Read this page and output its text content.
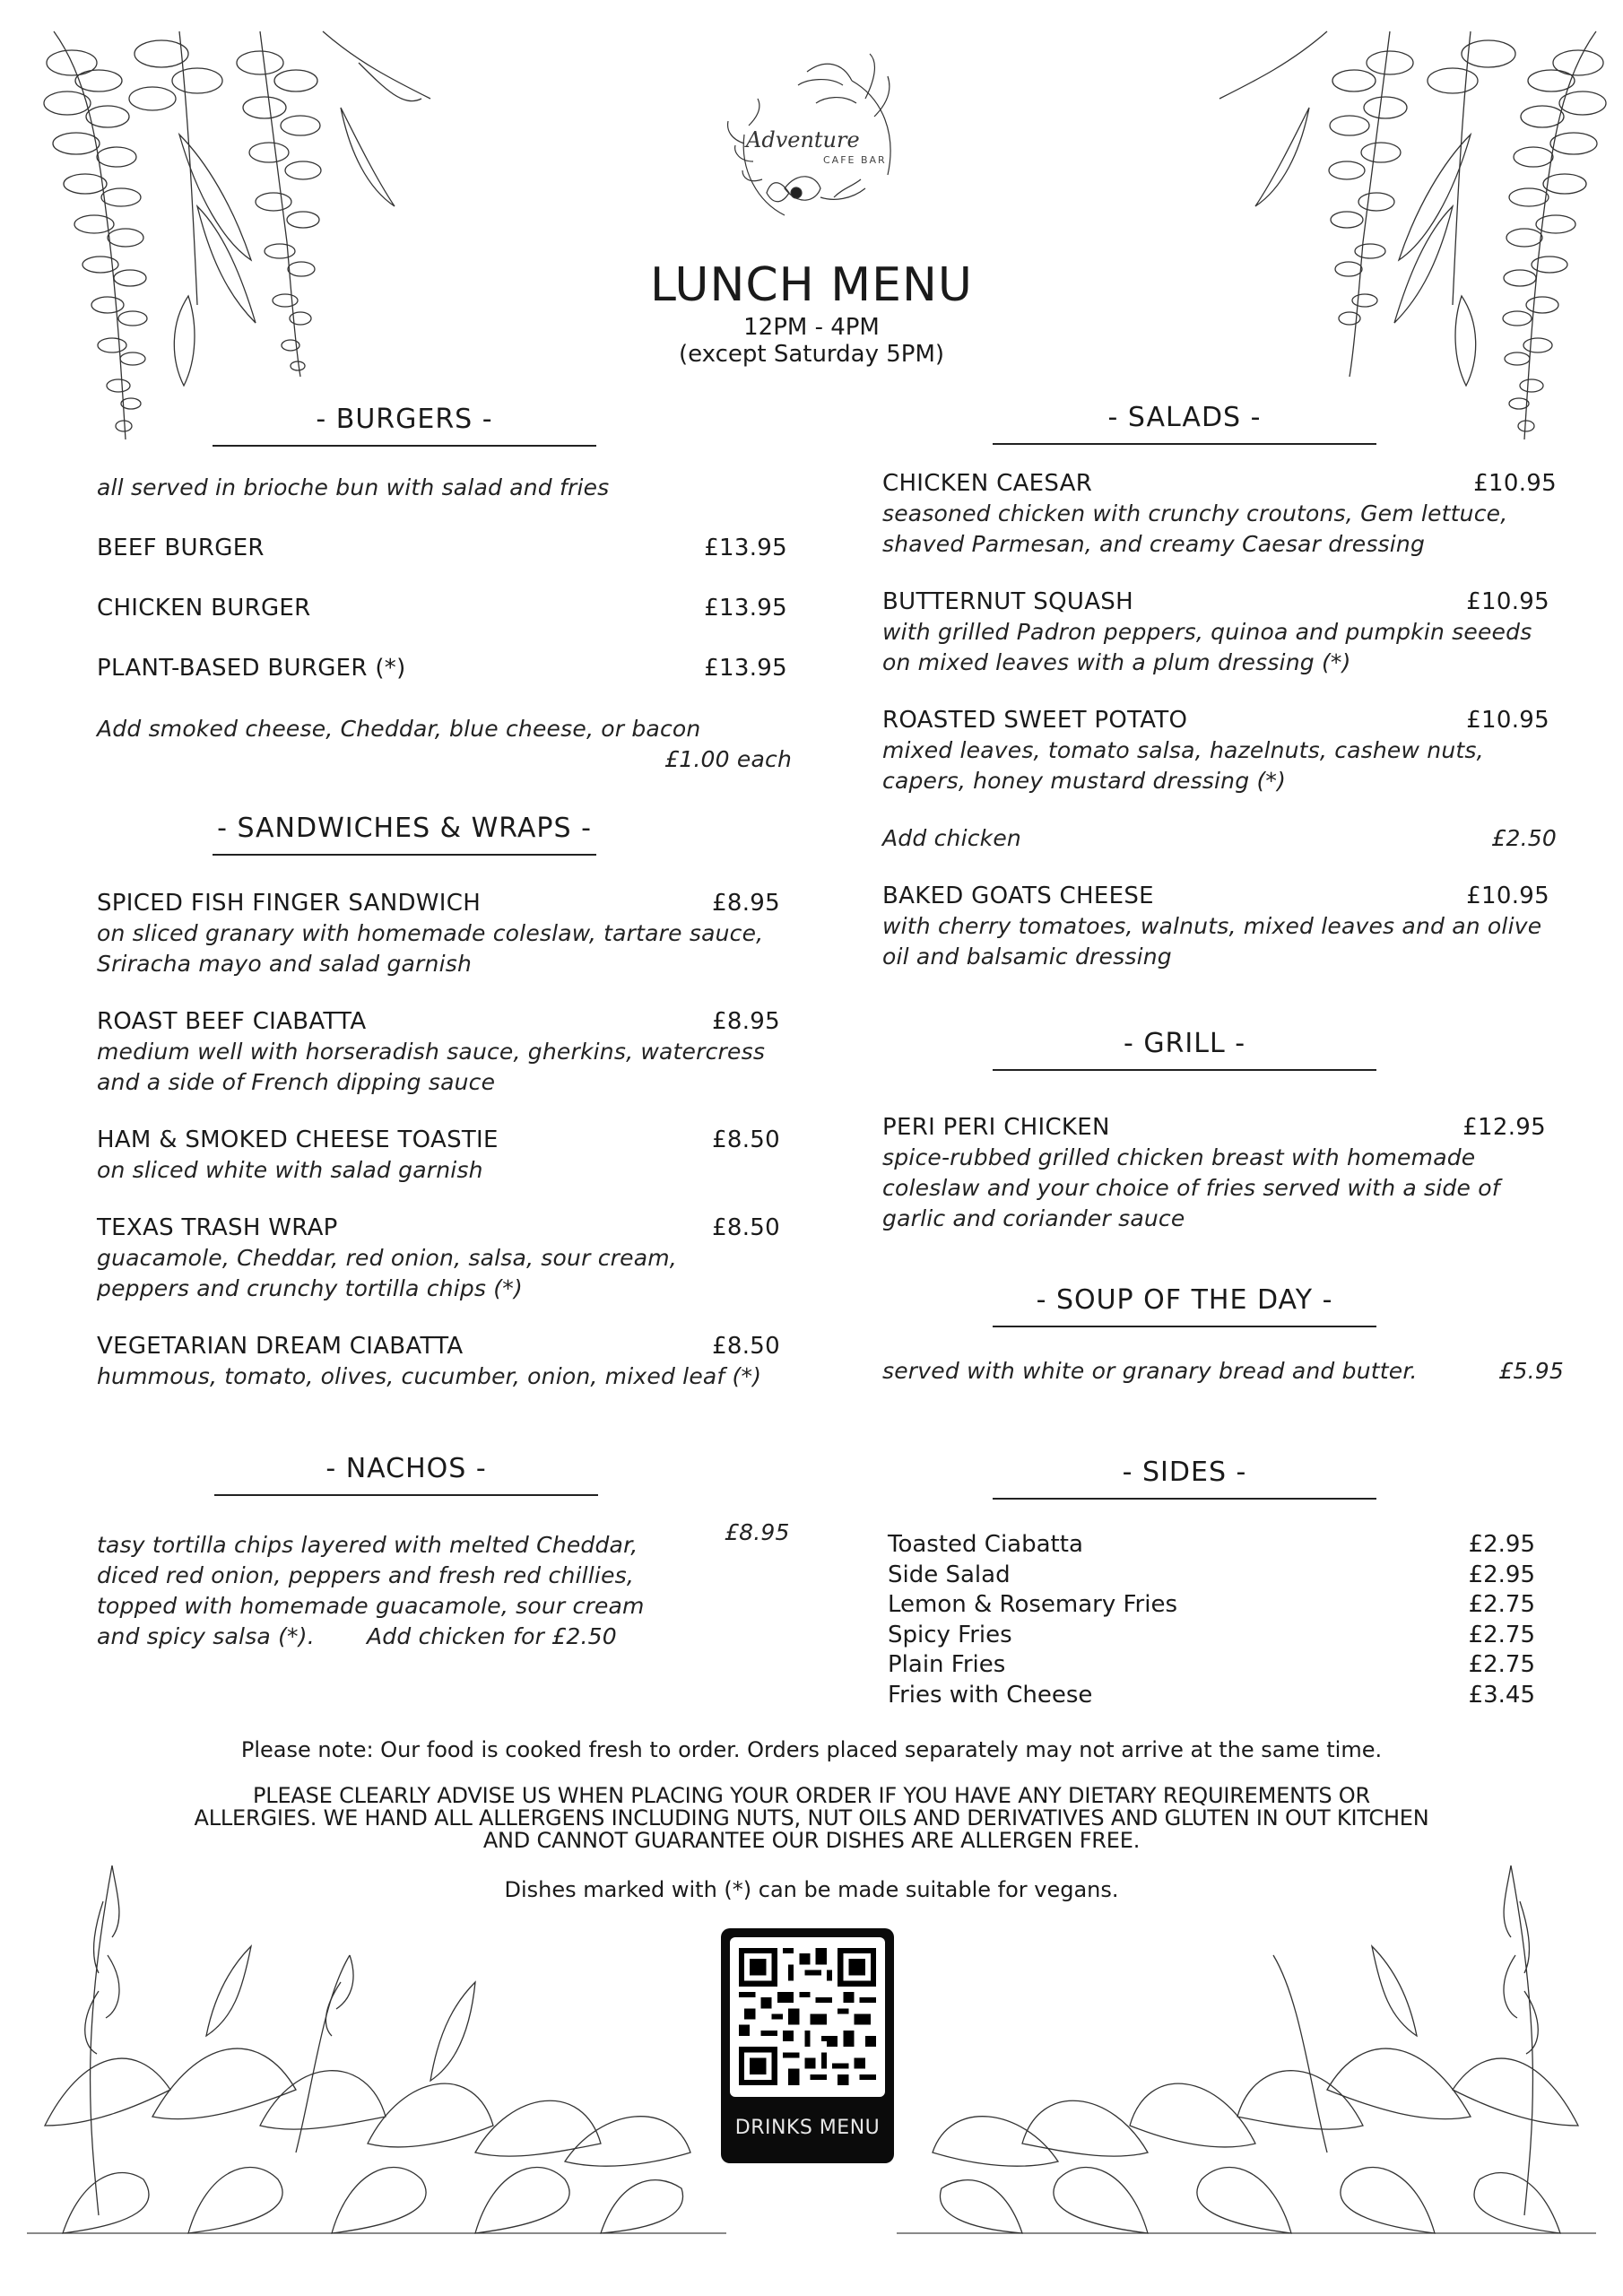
Adventure
CAFE BAR
LUNCH MENU
12PM - 4PM
(except Saturday 5PM)
- BURGERS -
all served in brioche bun with salad and fries
BEEF BURGER	£13.95
CHICKEN BURGER	£13.95
PLANT-BASED BURGER (*)	£13.95
Add smoked cheese, Cheddar, blue cheese, or bacon
£1.00 each
- SANDWICHES & WRAPS -
SPICED FISH FINGER SANDWICH	£8.95
on sliced granary with homemade coleslaw, tartare sauce,
Sriracha mayo and salad garnish
ROAST BEEF CIABATTA	£8.95
medium well with horseradish sauce, gherkins, watercress
and a side of French dipping sauce
HAM & SMOKED CHEESE TOASTIE	£8.50
on sliced white with salad garnish
TEXAS TRASH WRAP	£8.50
guacamole, Cheddar, red onion, salsa, sour cream,
peppers and crunchy tortilla chips (*)
VEGETARIAN DREAM CIABATTA	£8.50
hummous, tomato, olives, cucumber, onion, mixed leaf (*)
- NACHOS -
£8.95
tasy tortilla chips layered with melted Cheddar,
diced red onion, peppers and fresh red chillies,
topped with homemade guacamole, sour cream
and spicy salsa (*). Add chicken for £2.50
- SALADS -
CHICKEN CAESAR	£10.95
seasoned chicken with crunchy croutons, Gem lettuce,
shaved Parmesan, and creamy Caesar dressing
BUTTERNUT SQUASH	£10.95
with grilled Padron peppers, quinoa and pumpkin seeeds
on mixed leaves with a plum dressing (*)
ROASTED SWEET POTATO	£10.95
mixed leaves, tomato salsa, hazelnuts, cashew nuts,
capers, honey mustard dressing (*)
Add chicken	£2.50
BAKED GOATS CHEESE	£10.95
with cherry tomatoes, walnuts, mixed leaves and an olive
oil and balsamic dressing
- GRILL -
PERI PERI CHICKEN	£12.95
spice-rubbed grilled chicken breast with homemade
coleslaw and your choice of fries served with a side of
garlic and coriander sauce
- SOUP OF THE DAY -
served with white or granary bread and butter.	£5.95
- SIDES -
Toasted Ciabatta	£2.95
Side Salad	£2.95
Lemon & Rosemary Fries	£2.75
Spicy Fries	£2.75
Plain Fries	£2.75
Fries with Cheese	£3.45
Please note: Our food is cooked fresh to order. Orders placed separately may not arrive at the same time.
PLEASE CLEARLY ADVISE US WHEN PLACING YOUR ORDER IF YOU HAVE ANY DIETARY REQUIREMENTS OR
ALLERGIES. WE HAND ALL ALLERGENS INCLUDING NUTS, NUT OILS AND DERIVATIVES AND GLUTEN IN OUT KITCHEN
AND CANNOT GUARANTEE OUR DISHES ARE ALLERGEN FREE.
Dishes marked with (*) can be made suitable for vegans.
DRINKS MENU
